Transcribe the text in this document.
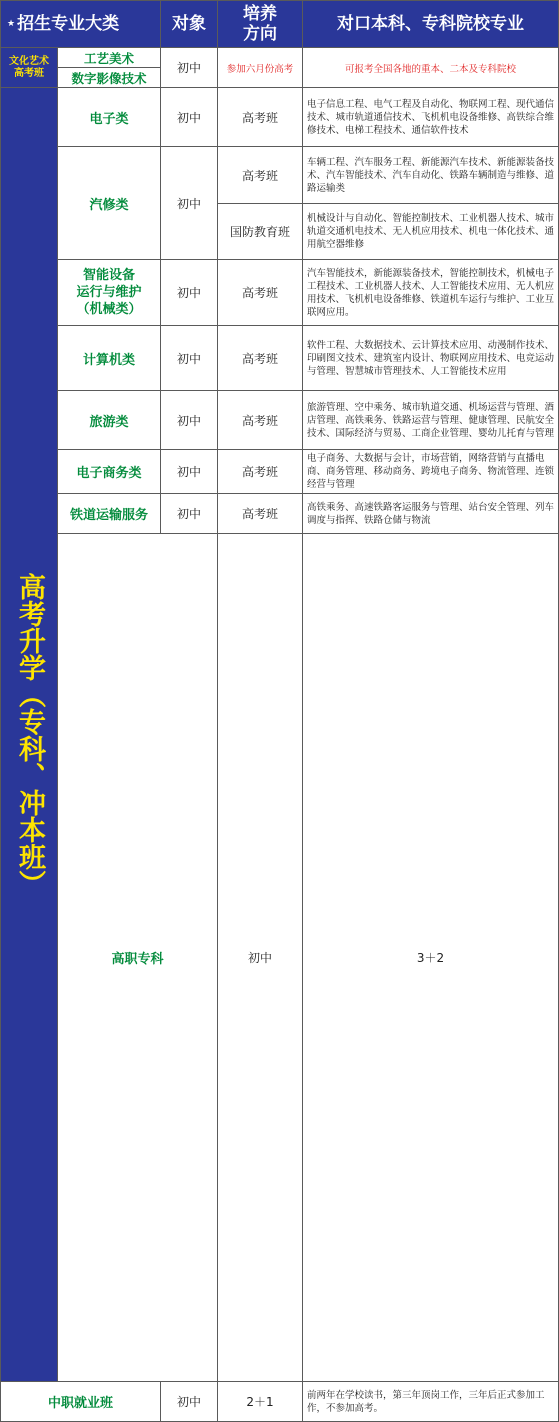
★ 招生专业大类		对象	培养
方向	对口本科、专科院校专业	

文化艺术
高考班	工艺美术	初中	参加六月份高考	可报考全国各地的重本、二本及专科院校	
	数字影像技术				

高考升学（专科、冲本班）	电子类	初中	高考班	电子信息工程、电气工程及自动化、物联网工程、现代通信技术、城市轨道通信技术、飞机机电设备维修、高铁综合维修技术、电梯工程技术、通信软件技术	
	汽修类	初中	高考班	车辆工程、汽车服务工程、新能源汽车技术、新能源装备技术、汽车智能技术、汽车自动化、铁路车辆制造与维修、道路运输类	
			国防教育班	机械设计与自动化、智能控制技术、工业机器人技术、城市轨道交通机电技术、无人机应用技术、机电一体化技术、通用航空器维修	
	智能设备
运行与维护
（机械类）	初中	高考班	汽车智能技术，新能源装备技术，智能控制技术，机械电子工程技术、工业机器人技术、人工智能技术应用、无人机应用技术、飞机机电设备维修、铁道机车运行与维护、工业互联网应用。	
	计算机类	初中	高考班	软件工程、大数据技术、云计算技术应用、动漫制作技术、印刷图文技术、建筑室内设计、物联网应用技术、电竞运动与管理、智慧城市管理技术、人工智能技术应用	
	旅游类	初中	高考班	旅游管理、空中乘务、城市轨道交通、机场运营与管理、酒店管理、高铁乘务、铁路运营与管理、健康管理、民航安全技术、国际经济与贸易、工商企业管理、婴幼儿托育与管理	
	电子商务类	初中	高考班	电子商务、大数据与会计，市场营销，网络营销与直播电商、商务管理、移动商务、跨境电子商务、物流管理、连锁经营与管理	
	铁道运输服务	初中	高考班	高铁乘务、高速铁路客运服务与管理、站台安全管理、列车调度与指挥、铁路仓储与物流	
	高职专科		初中	3＋2	
中职就业班		初中	2＋1	前两年在学校读书，第三年顶岗工作，三年后正式参加工作，不参加高考。	
